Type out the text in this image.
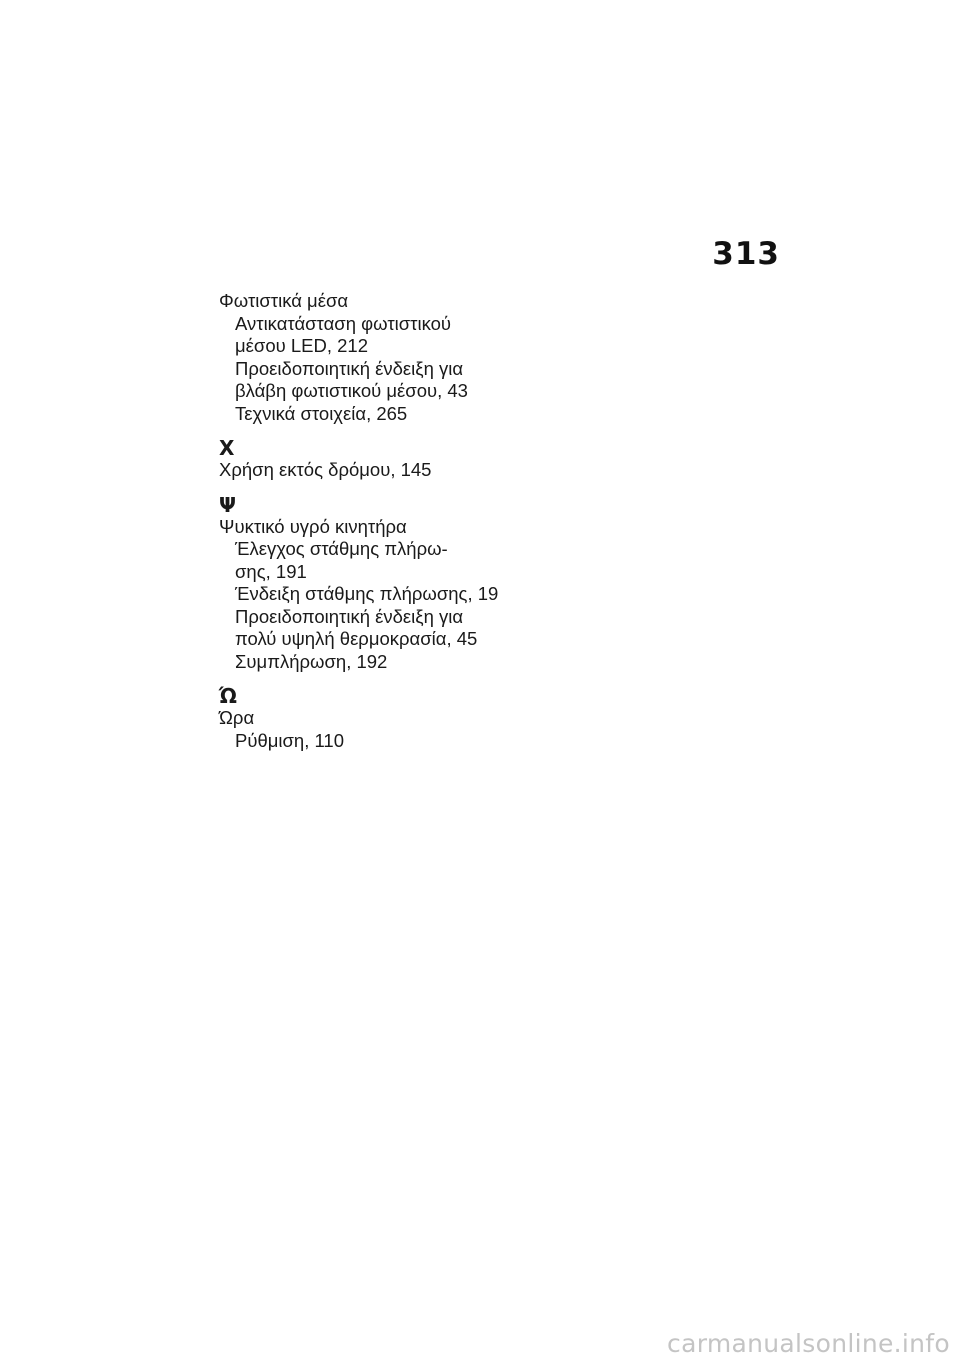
313

Φωτιστικά μέσα

Αντικατάσταση φωτιστικού

μέσου LED, 212

Προειδοποιητική ένδειξη για

βλάβη φωτιστικού μέσου, 43

Τεχνικά στοιχεία, 265

Χ

Χρήση εκτός δρόμου, 145

Ψ

Ψυκτικό υγρό κινητήρα

Έλεγχος στάθμης πλήρω-

σης, 191

Ένδειξη στάθμης πλήρωσης, 19

Προειδοποιητική ένδειξη για

πολύ υψηλή θερμοκρασία, 45

Συμπλήρωση, 192

Ώ

Ώρα

Ρύθμιση, 110

carmanualsonline.info
